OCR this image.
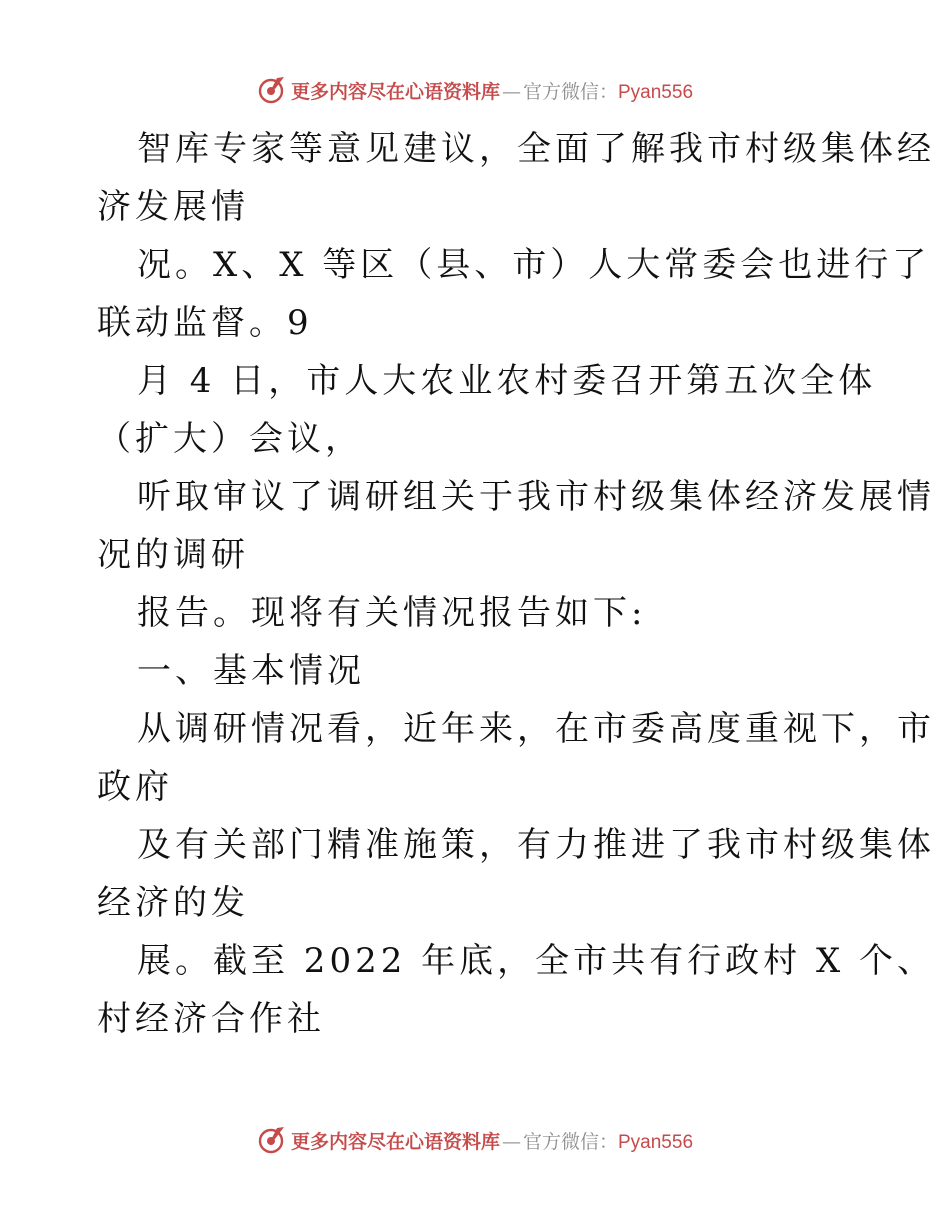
更多内容尽在心语资料库 — 官方微信：Pyan556
智库专家等意见建议，全面了解我市村级集体经
济发展情
况。X、X 等区（县、市）人大常委会也进行了
联动监督。9
月 4 日，市人大农业农村委召开第五次全体
（扩大）会议，
听取审议了调研组关于我市村级集体经济发展情
况的调研
报告。现将有关情况报告如下:
一、基本情况
从调研情况看，近年来，在市委高度重视下，市
政府
及有关部门精准施策，有力推进了我市村级集体
经济的发
展。截至 2022 年底，全市共有行政村 X 个、
村经济合作社
更多内容尽在心语资料库 — 官方微信：Pyan556
